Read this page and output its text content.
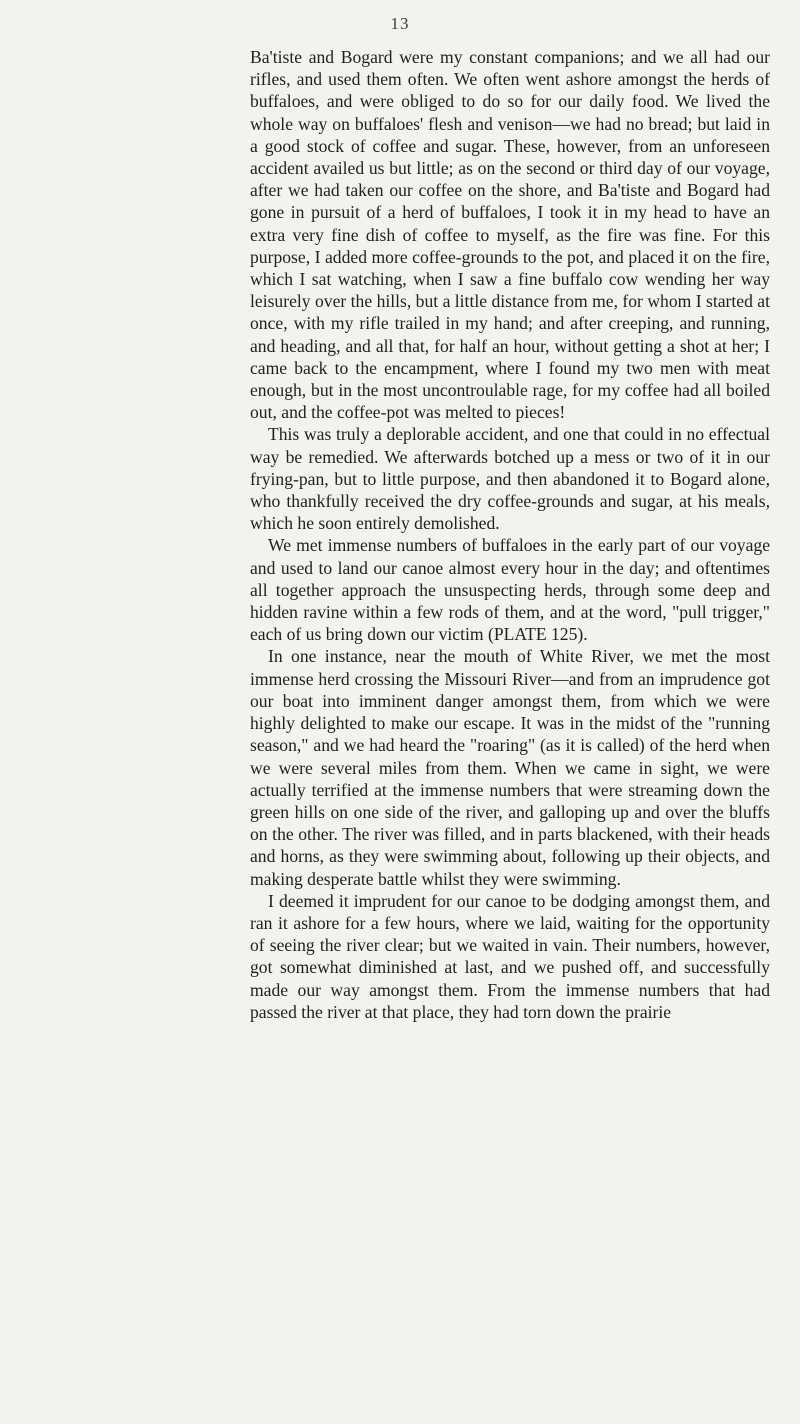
13

Ba'tiste and Bogard were my constant companions; and we all had our rifles, and used them often. We often went ashore amongst the herds of buffaloes, and were obliged to do so for our daily food. We lived the whole way on buffaloes' flesh and venison—we had no bread; but laid in a good stock of coffee and sugar. These, however, from an unforeseen accident availed us but little; as on the second or third day of our voyage, after we had taken our coffee on the shore, and Ba'tiste and Bogard had gone in pursuit of a herd of buffaloes, I took it in my head to have an extra very fine dish of coffee to myself, as the fire was fine. For this purpose, I added more coffee-grounds to the pot, and placed it on the fire, which I sat watching, when I saw a fine buffalo cow wending her way leisurely over the hills, but a little distance from me, for whom I started at once, with my rifle trailed in my hand; and after creeping, and running, and heading, and all that, for half an hour, without getting a shot at her; I came back to the encampment, where I found my two men with meat enough, but in the most uncontroulable rage, for my coffee had all boiled out, and the coffee-pot was melted to pieces!

This was truly a deplorable accident, and one that could in no effectual way be remedied. We afterwards botched up a mess or two of it in our frying-pan, but to little purpose, and then abandoned it to Bogard alone, who thankfully received the dry coffee-grounds and sugar, at his meals, which he soon entirely demolished.

We met immense numbers of buffaloes in the early part of our voyage and used to land our canoe almost every hour in the day; and oftentimes all together approach the unsuspecting herds, through some deep and hidden ravine within a few rods of them, and at the word, "pull trigger," each of us bring down our victim (PLATE 125).

In one instance, near the mouth of White River, we met the most immense herd crossing the Missouri River—and from an imprudence got our boat into imminent danger amongst them, from which we were highly delighted to make our escape. It was in the midst of the "running season," and we had heard the "roaring" (as it is called) of the herd when we were several miles from them. When we came in sight, we were actually terrified at the immense numbers that were streaming down the green hills on one side of the river, and galloping up and over the bluffs on the other. The river was filled, and in parts blackened, with their heads and horns, as they were swimming about, following up their objects, and making desperate battle whilst they were swimming.

I deemed it imprudent for our canoe to be dodging amongst them, and ran it ashore for a few hours, where we laid, waiting for the opportunity of seeing the river clear; but we waited in vain. Their numbers, however, got somewhat diminished at last, and we pushed off, and successfully made our way amongst them. From the immense numbers that had passed the river at that place, they had torn down the prairie
